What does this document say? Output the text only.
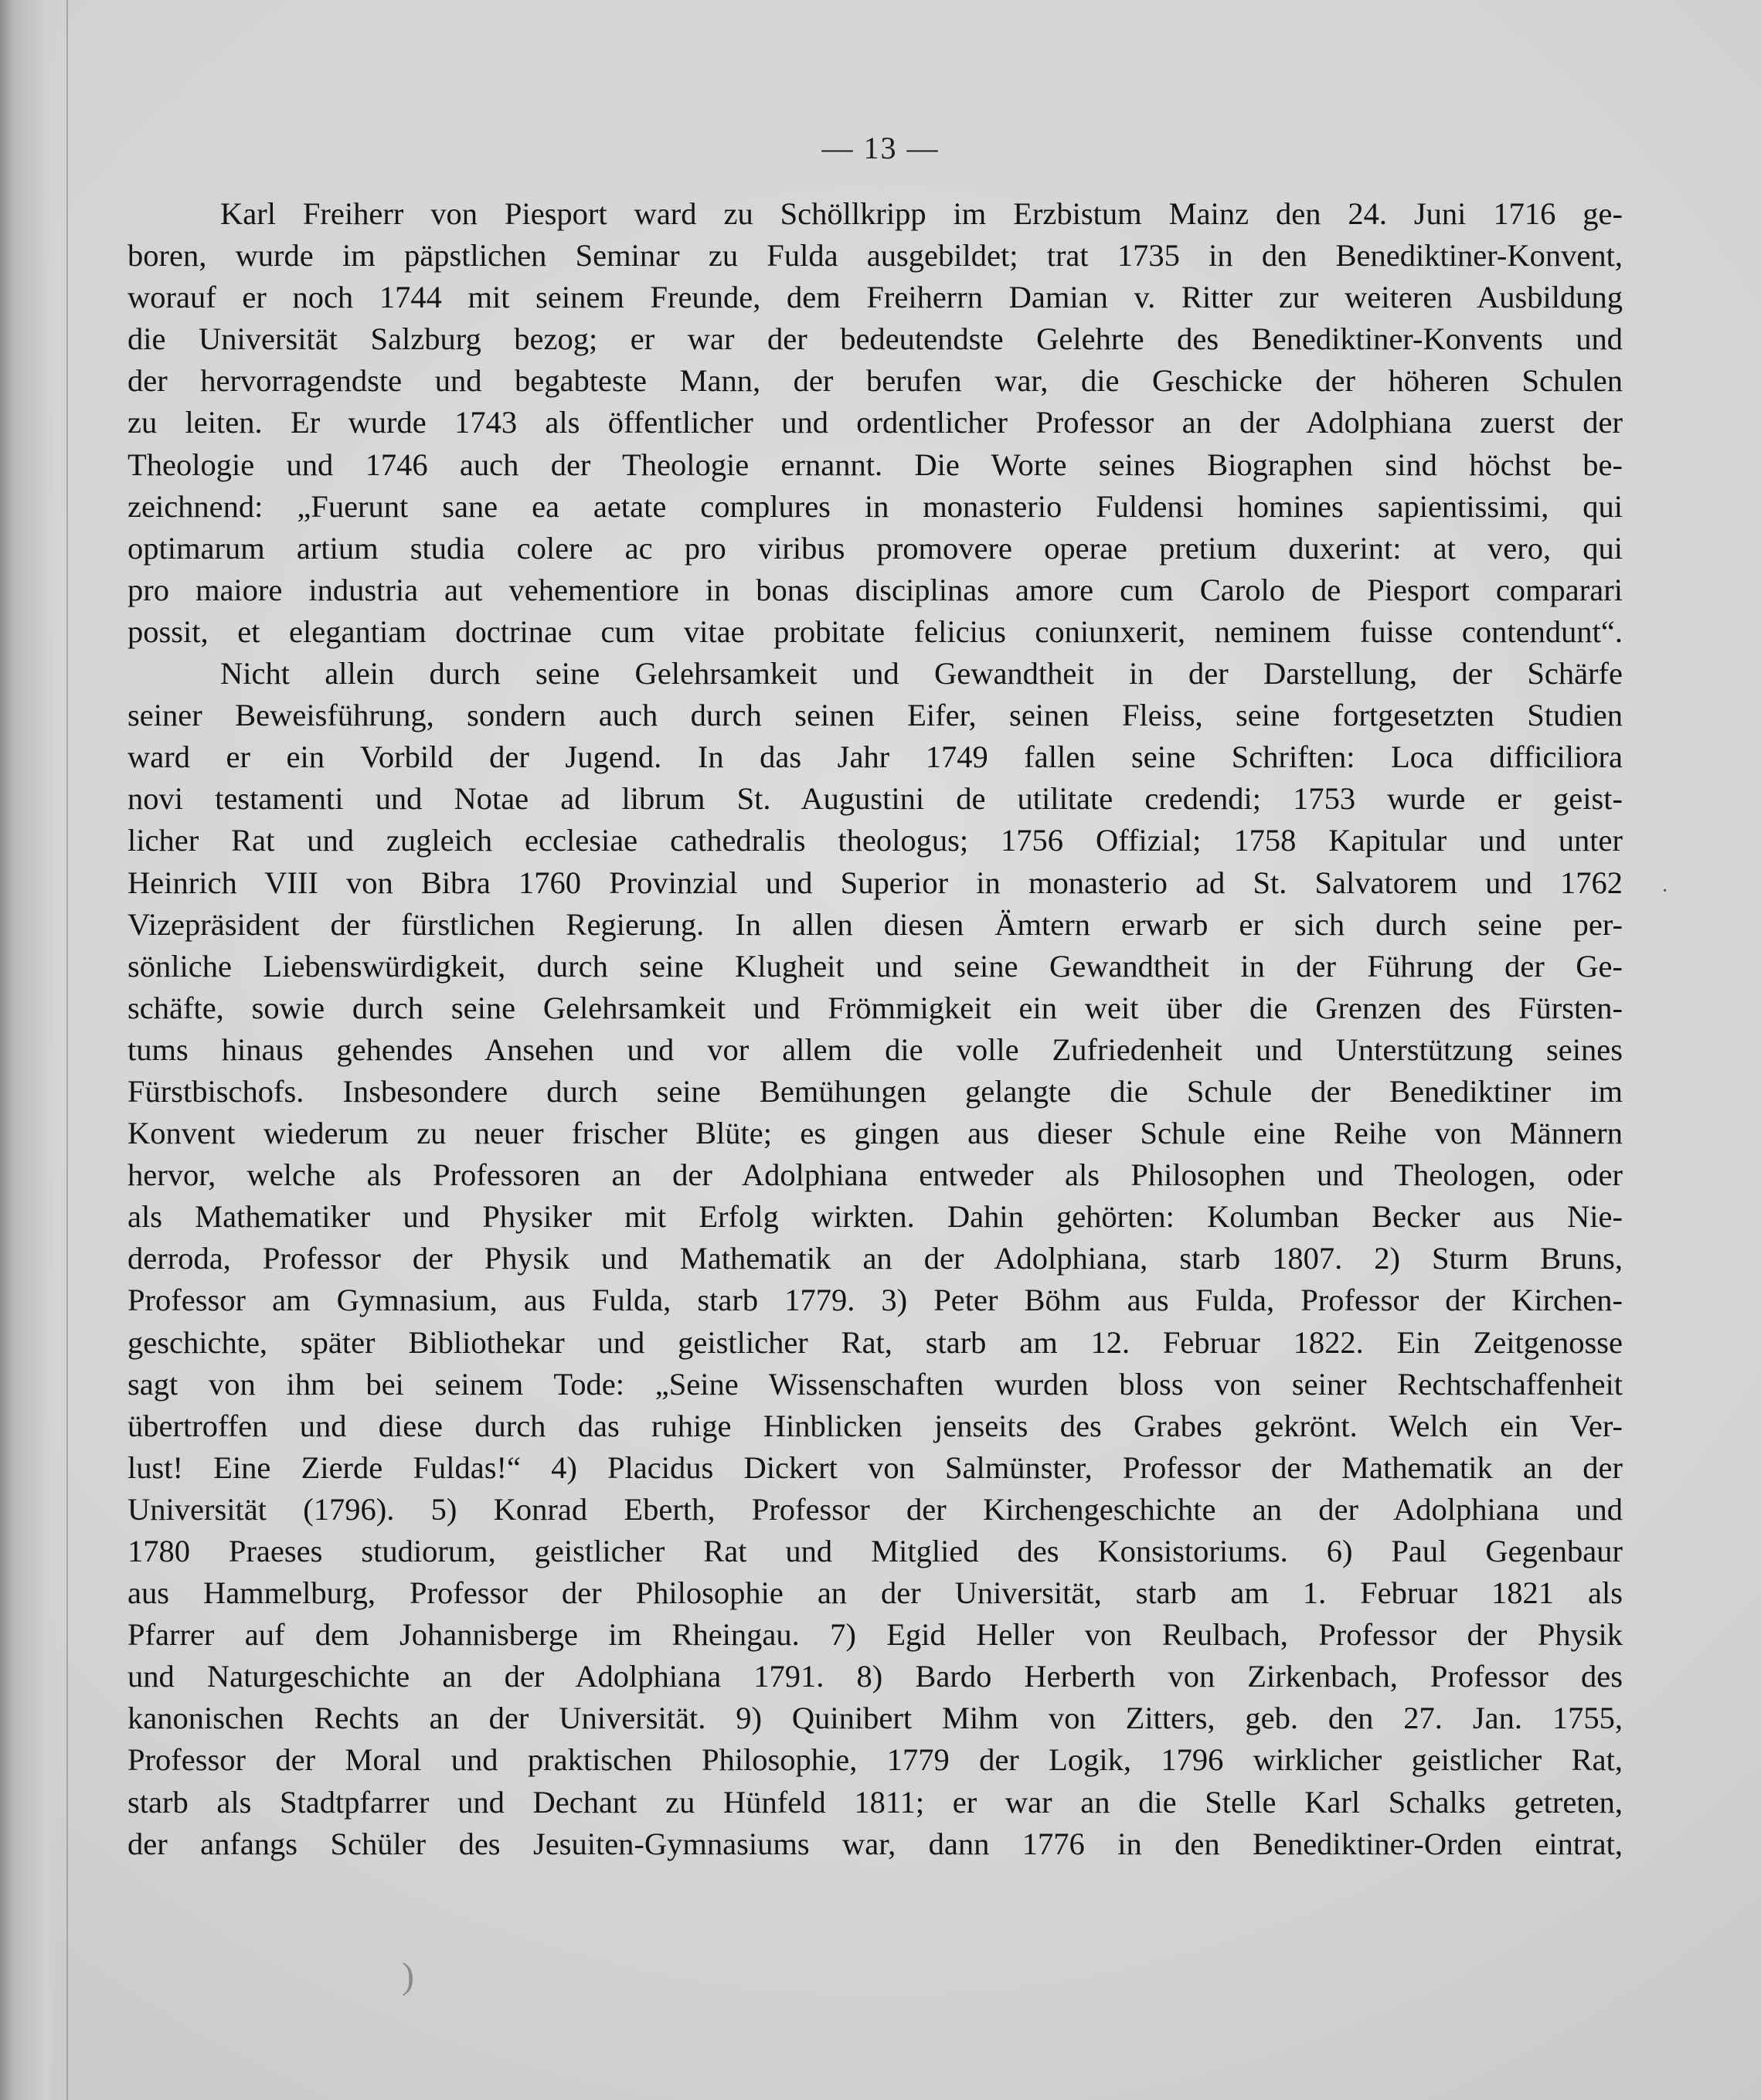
— 13 —
Karl Freiherr von Piesport ward zu Schöllkripp im Erzbistum Mainz den 24. Juni 1716 ge-
boren, wurde im päpstlichen Seminar zu Fulda ausgebildet; trat 1735 in den Benediktiner-Konvent,
worauf er noch 1744 mit seinem Freunde, dem Freiherrn Damian v. Ritter zur weiteren Ausbildung
die Universität Salzburg bezog; er war der bedeutendste Gelehrte des Benediktiner-Konvents und
der hervorragendste und begabteste Mann, der berufen war, die Geschicke der höheren Schulen
zu leiten. Er wurde 1743 als öffentlicher und ordentlicher Professor an der Adolphiana zuerst der
Theologie und 1746 auch der Theologie ernannt. Die Worte seines Biographen sind höchst be-
zeichnend: „Fuerunt sane ea aetate complures in monasterio Fuldensi homines sapientissimi, qui
optimarum artium studia colere ac pro viribus promovere operae pretium duxerint: at vero, qui
pro maiore industria aut vehementiore in bonas disciplinas amore cum Carolo de Piesport comparari
possit, et elegantiam doctrinae cum vitae probitate felicius coniunxerit, neminem fuisse contendunt“.
Nicht allein durch seine Gelehrsamkeit und Gewandtheit in der Darstellung, der Schärfe
seiner Beweisführung, sondern auch durch seinen Eifer, seinen Fleiss, seine fortgesetzten Studien
ward er ein Vorbild der Jugend. In das Jahr 1749 fallen seine Schriften: Loca difficiliora
novi testamenti und Notae ad librum St. Augustini de utilitate credendi; 1753 wurde er geist-
licher Rat und zugleich ecclesiae cathedralis theologus; 1756 Offizial; 1758 Kapitular und unter
Heinrich VIII von Bibra 1760 Provinzial und Superior in monasterio ad St. Salvatorem und 1762
Vizepräsident der fürstlichen Regierung. In allen diesen Ämtern erwarb er sich durch seine per-
sönliche Liebenswürdigkeit, durch seine Klugheit und seine Gewandtheit in der Führung der Ge-
schäfte, sowie durch seine Gelehrsamkeit und Frömmigkeit ein weit über die Grenzen des Fürsten-
tums hinaus gehendes Ansehen und vor allem die volle Zufriedenheit und Unterstützung seines
Fürstbischofs. Insbesondere durch seine Bemühungen gelangte die Schule der Benediktiner im
Konvent wiederum zu neuer frischer Blüte; es gingen aus dieser Schule eine Reihe von Männern
hervor, welche als Professoren an der Adolphiana entweder als Philosophen und Theologen, oder
als Mathematiker und Physiker mit Erfolg wirkten. Dahin gehörten: Kolumban Becker aus Nie-
derroda, Professor der Physik und Mathematik an der Adolphiana, starb 1807. 2) Sturm Bruns,
Professor am Gymnasium, aus Fulda, starb 1779. 3) Peter Böhm aus Fulda, Professor der Kirchen-
geschichte, später Bibliothekar und geistlicher Rat, starb am 12. Februar 1822. Ein Zeitgenosse
sagt von ihm bei seinem Tode: „Seine Wissenschaften wurden bloss von seiner Rechtschaffenheit
übertroffen und diese durch das ruhige Hinblicken jenseits des Grabes gekrönt. Welch ein Ver-
lust! Eine Zierde Fuldas!“ 4) Placidus Dickert von Salmünster, Professor der Mathematik an der
Universität (1796). 5) Konrad Eberth, Professor der Kirchengeschichte an der Adolphiana und
1780 Praeses studiorum, geistlicher Rat und Mitglied des Konsistoriums. 6) Paul Gegenbaur
aus Hammelburg, Professor der Philosophie an der Universität, starb am 1. Februar 1821 als
Pfarrer auf dem Johannisberge im Rheingau. 7) Egid Heller von Reulbach, Professor der Physik
und Naturgeschichte an der Adolphiana 1791. 8) Bardo Herberth von Zirkenbach, Professor des
kanonischen Rechts an der Universität. 9) Quinibert Mihm von Zitters, geb. den 27. Jan. 1755,
Professor der Moral und praktischen Philosophie, 1779 der Logik, 1796 wirklicher geistlicher Rat,
starb als Stadtpfarrer und Dechant zu Hünfeld 1811; er war an die Stelle Karl Schalks getreten,
der anfangs Schüler des Jesuiten-Gymnasiums war, dann 1776 in den Benediktiner-Orden eintrat,
·
)
